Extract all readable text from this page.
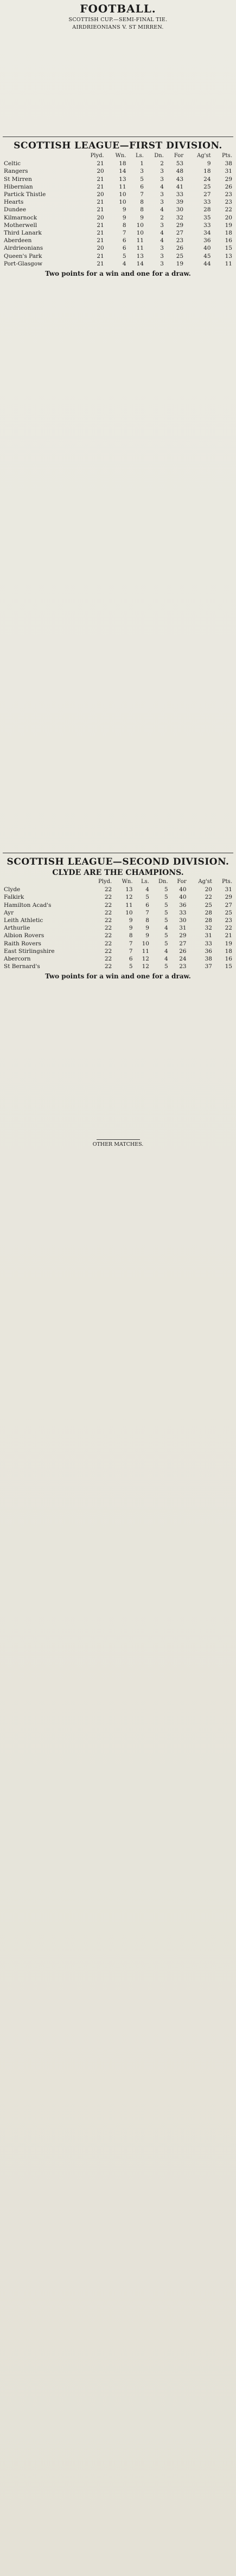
FOOTBALL.
SCOTTISH CUP.—SEMI-FINAL TIE.
AIRDRIEONIANS V. ST MIRREN.
SCOTTISH LEAGUE—FIRST DIVISION.
	Plyd.	Wn.	Ls.	Dn.	For	Ag'st	Pts.
Celtic	21	18	1	2	53	9	38
Rangers	20	14	3	3	48	18	31
St Mirren	21	13	5	3	43	24	29
Hibernian	21	11	6	4	41	25	26
Partick Thistle	20	10	7	3	33	27	23
Hearts	21	10	8	3	39	33	23
Dundee	21	9	8	4	30	28	22
Kilmarnock	20	9	9	2	32	35	20
Motherwell	21	8	10	3	29	33	19
Third Lanark	21	7	10	4	27	34	18
Aberdeen	21	6	11	4	23	36	16
Airdrieonians	20	6	11	3	26	40	15
Queen's Park	21	5	13	3	25	45	13
Port-Glasgow	21	4	14	3	19	44	11
Two points for a win and one for a draw.
SCOTTISH LEAGUE—SECOND DIVISION.
CLYDE ARE THE CHAMPIONS.
	Plyd.	Wn.	Ls.	Dn.	For	Ag'st	Pts.
Clyde	22	13	4	5	40	20	31
Falkirk	22	12	5	5	40	22	29
Hamilton Acad's	22	11	6	5	36	25	27
Ayr	22	10	7	5	33	28	25
Leith Athletic	22	9	8	5	30	28	23
Arthurlie	22	9	9	4	31	32	22
Albion Rovers	22	8	9	5	29	31	21
Raith Rovers	22	7	10	5	27	33	19
East Stirlingshire	22	7	11	4	26	36	18
Abercorn	22	6	12	4	24	38	16
St Bernard's	22	5	12	5	23	37	15
Two points for a win and one for a draw.
OTHER MATCHES.
